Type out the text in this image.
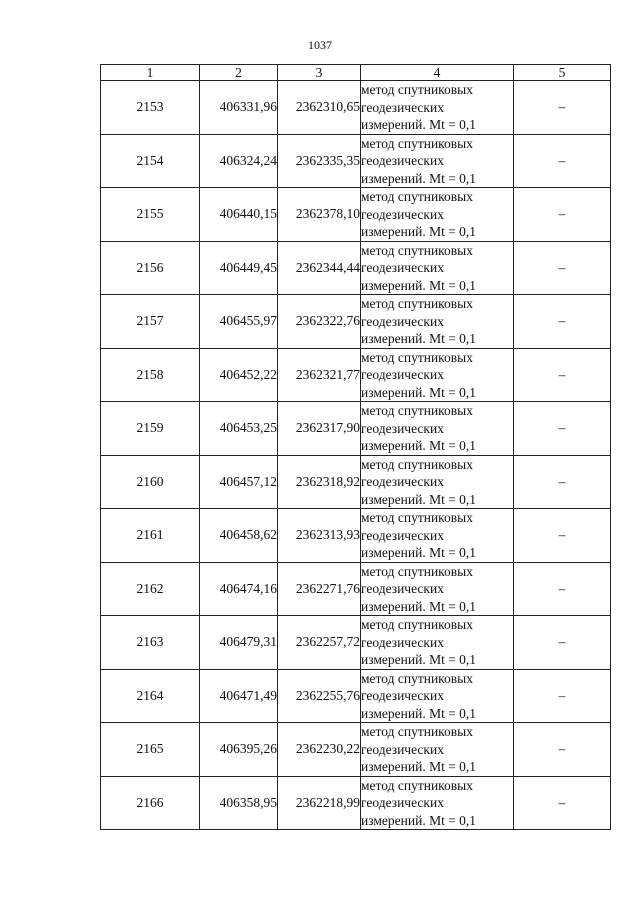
1037
1	2	3	4	5
2153	406331,96	2362310,65	метод спутниковых
геодезических
измерений. Mt = 0,1	–
2154	406324,24	2362335,35	метод спутниковых
геодезических
измерений. Mt = 0,1	–
2155	406440,15	2362378,10	метод спутниковых
геодезических
измерений. Mt = 0,1	–
2156	406449,45	2362344,44	метод спутниковых
геодезических
измерений. Mt = 0,1	–
2157	406455,97	2362322,76	метод спутниковых
геодезических
измерений. Mt = 0,1	–
2158	406452,22	2362321,77	метод спутниковых
геодезических
измерений. Mt = 0,1	–
2159	406453,25	2362317,90	метод спутниковых
геодезических
измерений. Mt = 0,1	–
2160	406457,12	2362318,92	метод спутниковых
геодезических
измерений. Mt = 0,1	–
2161	406458,62	2362313,93	метод спутниковых
геодезических
измерений. Mt = 0,1	–
2162	406474,16	2362271,76	метод спутниковых
геодезических
измерений. Mt = 0,1	–
2163	406479,31	2362257,72	метод спутниковых
геодезических
измерений. Mt = 0,1	–
2164	406471,49	2362255,76	метод спутниковых
геодезических
измерений. Mt = 0,1	–
2165	406395,26	2362230,22	метод спутниковых
геодезических
измерений. Mt = 0,1	–
2166	406358,95	2362218,99	метод спутниковых
геодезических
измерений. Mt = 0,1	–
